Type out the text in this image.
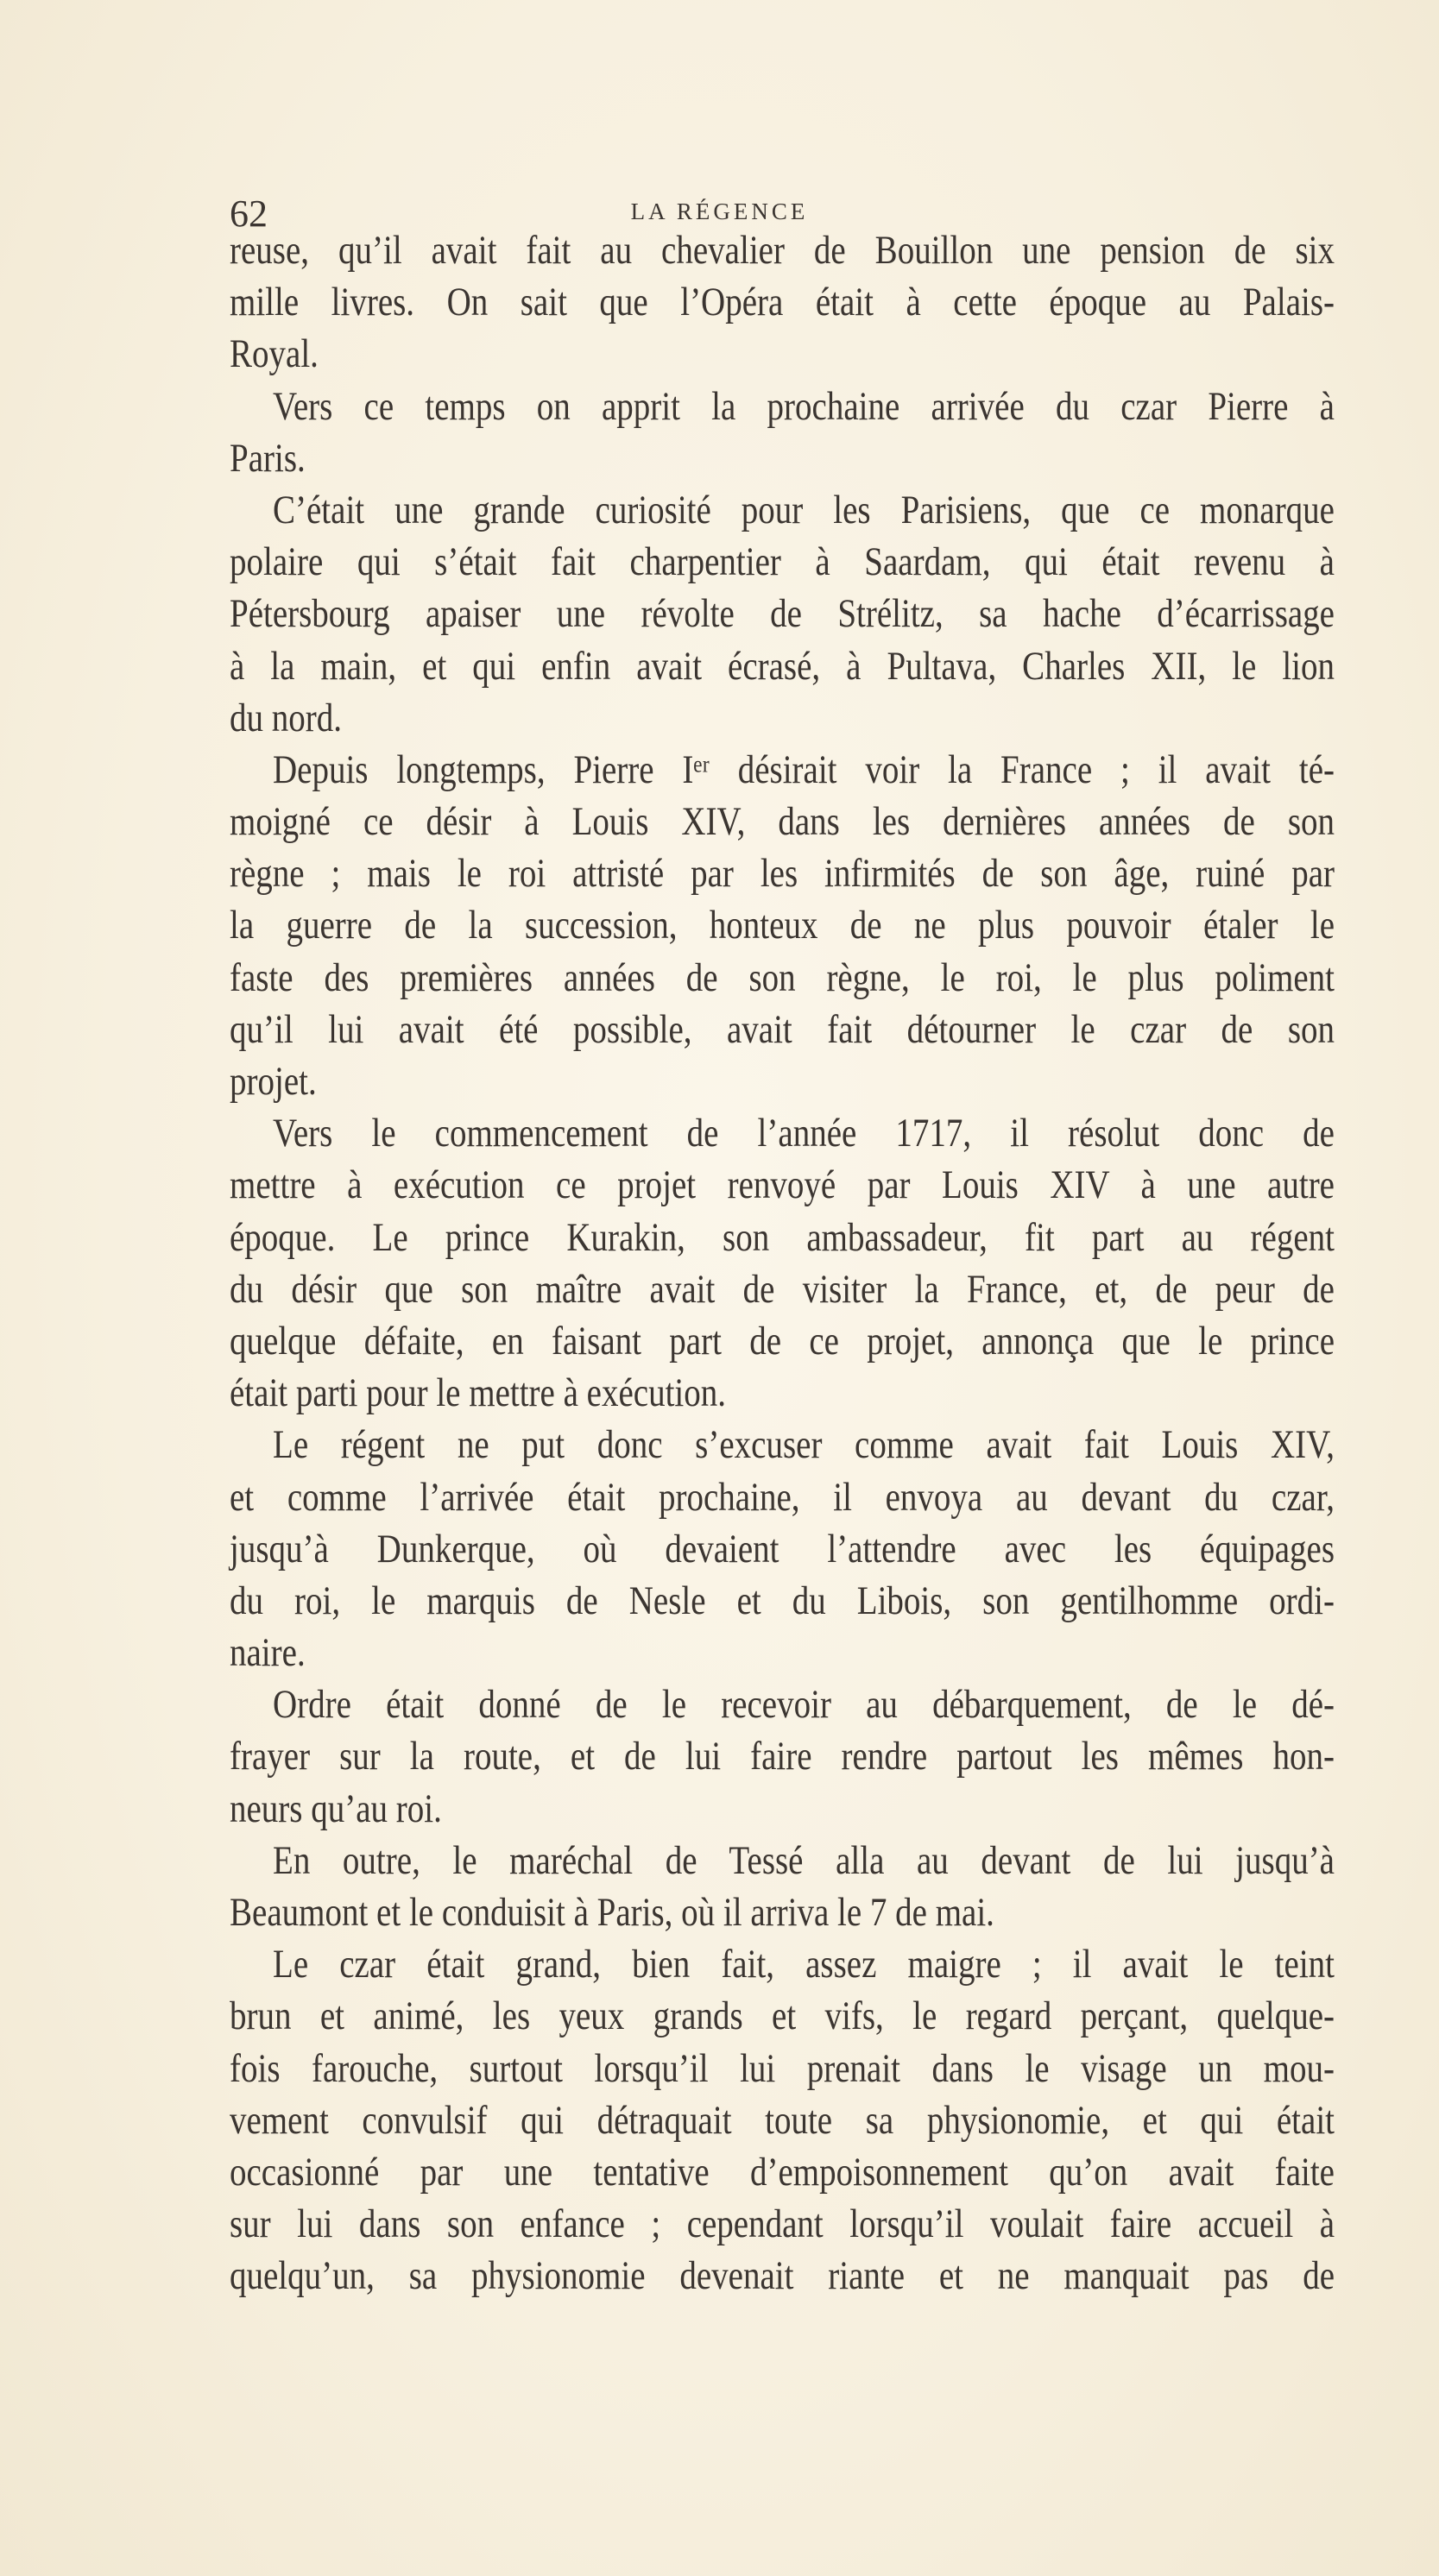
62	LA RÉGENCE
reuse, qu’il avait fait au chevalier de Bouillon une pension de six
mille livres. On sait que l’Opéra était à cette époque au Palais-
Royal.
Vers ce temps on apprit la prochaine arrivée du czar Pierre à
Paris.
C’était une grande curiosité pour les Parisiens, que ce monarque
polaire qui s’était fait charpentier à Saardam, qui était revenu à
Pétersbourg apaiser une révolte de Strélitz, sa hache d’écarrissage
à la main, et qui enfin avait écrasé, à Pultava, Charles XII, le lion
du nord.
Depuis longtemps, Pierre Iᵉʳ désirait voir la France ; il avait té-
moigné ce désir à Louis XIV, dans les dernières années de son
règne ; mais le roi attristé par les infirmités de son âge, ruiné par
la guerre de la succession, honteux de ne plus pouvoir étaler le
faste des premières années de son règne, le roi, le plus poliment
qu’il lui avait été possible, avait fait détourner le czar de son
projet.
Vers le commencement de l’année 1717, il résolut donc de
mettre à exécution ce projet renvoyé par Louis XIV à une autre
époque. Le prince Kurakin, son ambassadeur, fit part au régent
du désir que son maître avait de visiter la France, et, de peur de
quelque défaite, en faisant part de ce projet, annonça que le prince
était parti pour le mettre à exécution.
Le régent ne put donc s’excuser comme avait fait Louis XIV,
et comme l’arrivée était prochaine, il envoya au devant du czar,
jusqu’à Dunkerque, où devaient l’attendre avec les équipages
du roi, le marquis de Nesle et du Libois, son gentilhomme ordi-
naire.
Ordre était donné de le recevoir au débarquement, de le dé-
frayer sur la route, et de lui faire rendre partout les mêmes hon-
neurs qu’au roi.
En outre, le maréchal de Tessé alla au devant de lui jusqu’à
Beaumont et le conduisit à Paris, où il arriva le 7 de mai.
Le czar était grand, bien fait, assez maigre ; il avait le teint
brun et animé, les yeux grands et vifs, le regard perçant, quelque-
fois farouche, surtout lorsqu’il lui prenait dans le visage un mou-
vement convulsif qui détraquait toute sa physionomie, et qui était
occasionné par une tentative d’empoisonnement qu’on avait faite
sur lui dans son enfance ; cependant lorsqu’il voulait faire accueil à
quelqu’un, sa physionomie devenait riante et ne manquait pas de
